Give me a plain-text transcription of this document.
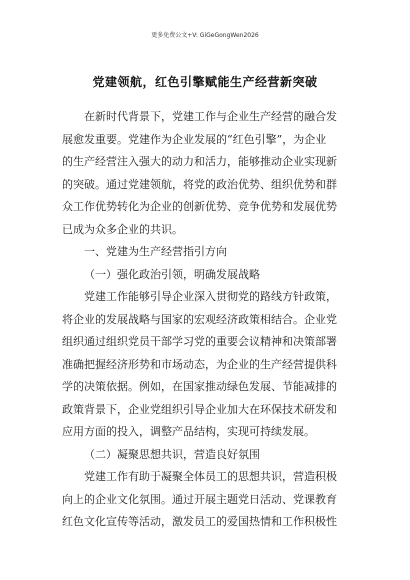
更多免费公文+V: GiGeGongWen2026
党建领航，红色引擎赋能生产经营新突破
在新时代背景下，党建工作与企业生产经营的融合发
展愈发重要。党建作为企业发展的“红色引擎”，为企业
的生产经营注入强大的动力和活力，能够推动企业实现新
的突破。通过党建领航，将党的政治优势、组织优势和群
众工作优势转化为企业的创新优势、竞争优势和发展优势
已成为众多企业的共识。
一、党建为生产经营指引方向
（一）强化政治引领，明确发展战略
党建工作能够引导企业深入贯彻党的路线方针政策，
将企业的发展战略与国家的宏观经济政策相结合。企业党
组织通过组织党员干部学习党的重要会议精神和决策部署
准确把握经济形势和市场动态，为企业的生产经营提供科
学的决策依据。例如，在国家推动绿色发展、节能减排的
政策背景下，企业党组织引导企业加大在环保技术研发和
应用方面的投入，调整产品结构，实现可持续发展。
（二）凝聚思想共识，营造良好氛围
党建工作有助于凝聚全体员工的思想共识，营造积极
向上的企业文化氛围。通过开展主题党日活动、党课教育
红色文化宣传等活动，激发员工的爱国热情和工作积极性
